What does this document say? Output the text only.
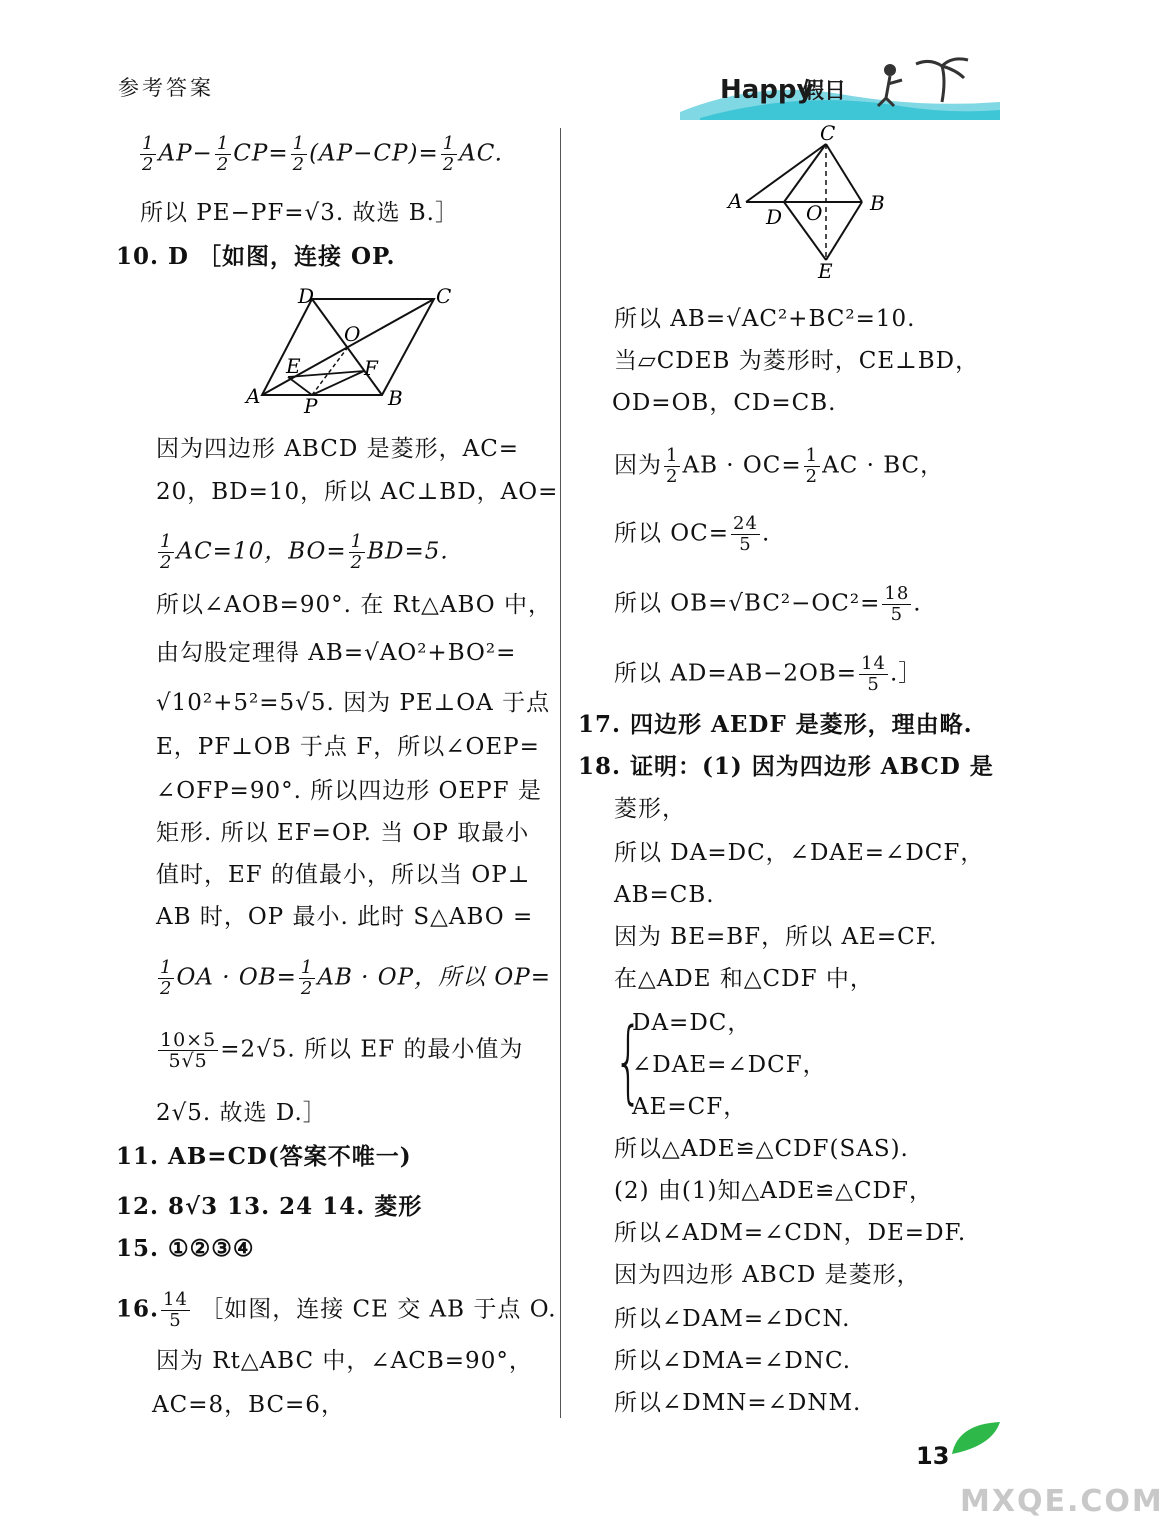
参考答案	Happy
假日
$\frac{1}{2} AP- \frac{1}{2} CP= \frac{1}{2} (AP-CP)= \frac{1}{2}$ AC.
所以 PE−PF=√3. 故选 B.］
10. D ［如图，连接 OP.
A	B
C
D
E	F
O
P
因为四边形 ABCD 是菱形，AC=
20，BD=10，所以 AC⊥BD，AO=
$\frac{1}{2} AC=10$，$BO= \frac{1}{2} BD=5$.
所以∠AOB=90°. 在 Rt△ABO 中，
由勾股定理得 AB=√AO²+BO²=
√10²+5²=5√5. 因为 PE⊥OA 于点
E，PF⊥OB 于点 F，所以∠OEP=
∠OFP=90°. 所以四边形 OEPF 是
矩形. 所以 EF=OP. 当 OP 取最小
值时，EF 的值最小，所以当 OP⊥
AB 时，OP 最小. 此时 S△ABO =
$\frac{1}{2}$ OA · $OB= \frac{1}{2}$ AB · OP，所以 OP=
$\frac{10\times 5}{5√5} =2√5$. 所以 EF 的最小值为
2√5. 故选 D.］
11. AB=CD(答案不唯一)
12. 8√3 13. 24 14. 菱形
15. ①②③④
16. $\frac{14}{5}$ ［如图，连接 CE 交 AB 于点 O.
因为 Rt△ABC 中，∠ACB=90°，
AC=8，BC=6，
A	B
C
D
E
O
所以 AB=√AC²+BC²=10.
当▱CDEB 为菱形时，CE⊥BD，
OD=OB，CD=CB.
因为 $\frac{1}{2}$ AB · $OC= \frac{1}{2}$ AC · BC，
所以 $OC= \frac{24}{5}$ .
所以 $OB=√BC^2-OC^2= \frac{18}{5}$ .
所以 $AD=AB-2OB= \frac{14}{5}$ .］
17. 四边形 AEDF 是菱形，理由略.
18. 证明：(1) 因为四边形 ABCD 是
菱形，
所以 DA=DC，∠DAE=∠DCF，
AB=CB.
因为 BE=BF，所以 AE=CF.
在△ADE 和△CDF 中，
{
DA=DC，
∠DAE=∠DCF，
AE=CF，
所以△ADE≌△CDF(SAS).
(2) 由(1)知△ADE≌△CDF，
所以∠ADM=∠CDN，DE=DF.
因为四边形 ABCD 是菱形，
所以∠DAM=∠DCN.
所以∠DMA=∠DNC.
所以∠DMN=∠DNM.
13
MXQE.COM
